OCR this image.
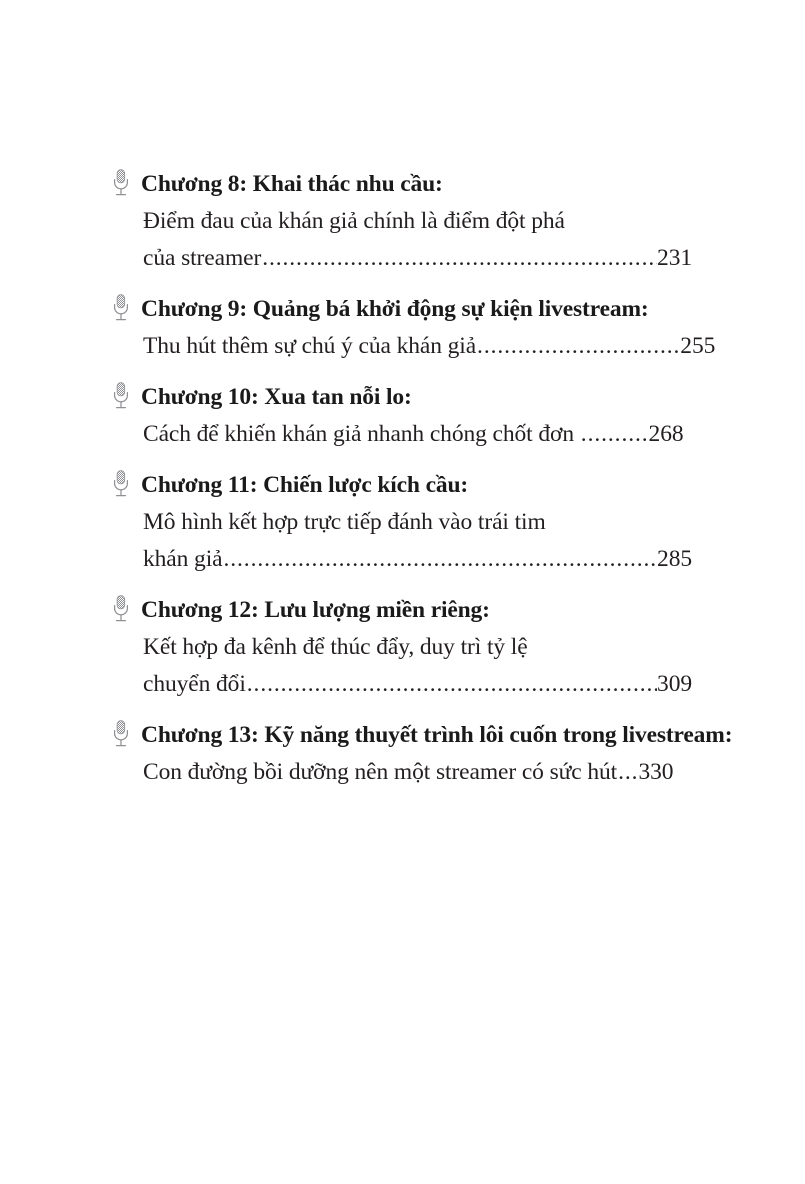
Chương 8: Khai thác nhu cầu:
Điểm đau của khán giả chính là điểm đột phá
của streamer .....	231
Chương 9: Quảng bá khởi động sự kiện livestream:
Thu hút thêm sự chú ý của khán giả..............................255
Chương 10: Xua tan nỗi lo:
Cách để khiến khán giả nhanh chóng chốt đơn ..........268
Chương 11: Chiến lược kích cầu:
Mô hình kết hợp trực tiếp đánh vào trái tim
khán giả .....	285
Chương 12: Lưu lượng miền riêng:
Kết hợp đa kênh để thúc đẩy, duy trì tỷ lệ
chuyển đổi .....	309
Chương 13: Kỹ năng thuyết trình lôi cuốn trong livestream:
Con đường bồi dưỡng nên một streamer có sức hút...330
